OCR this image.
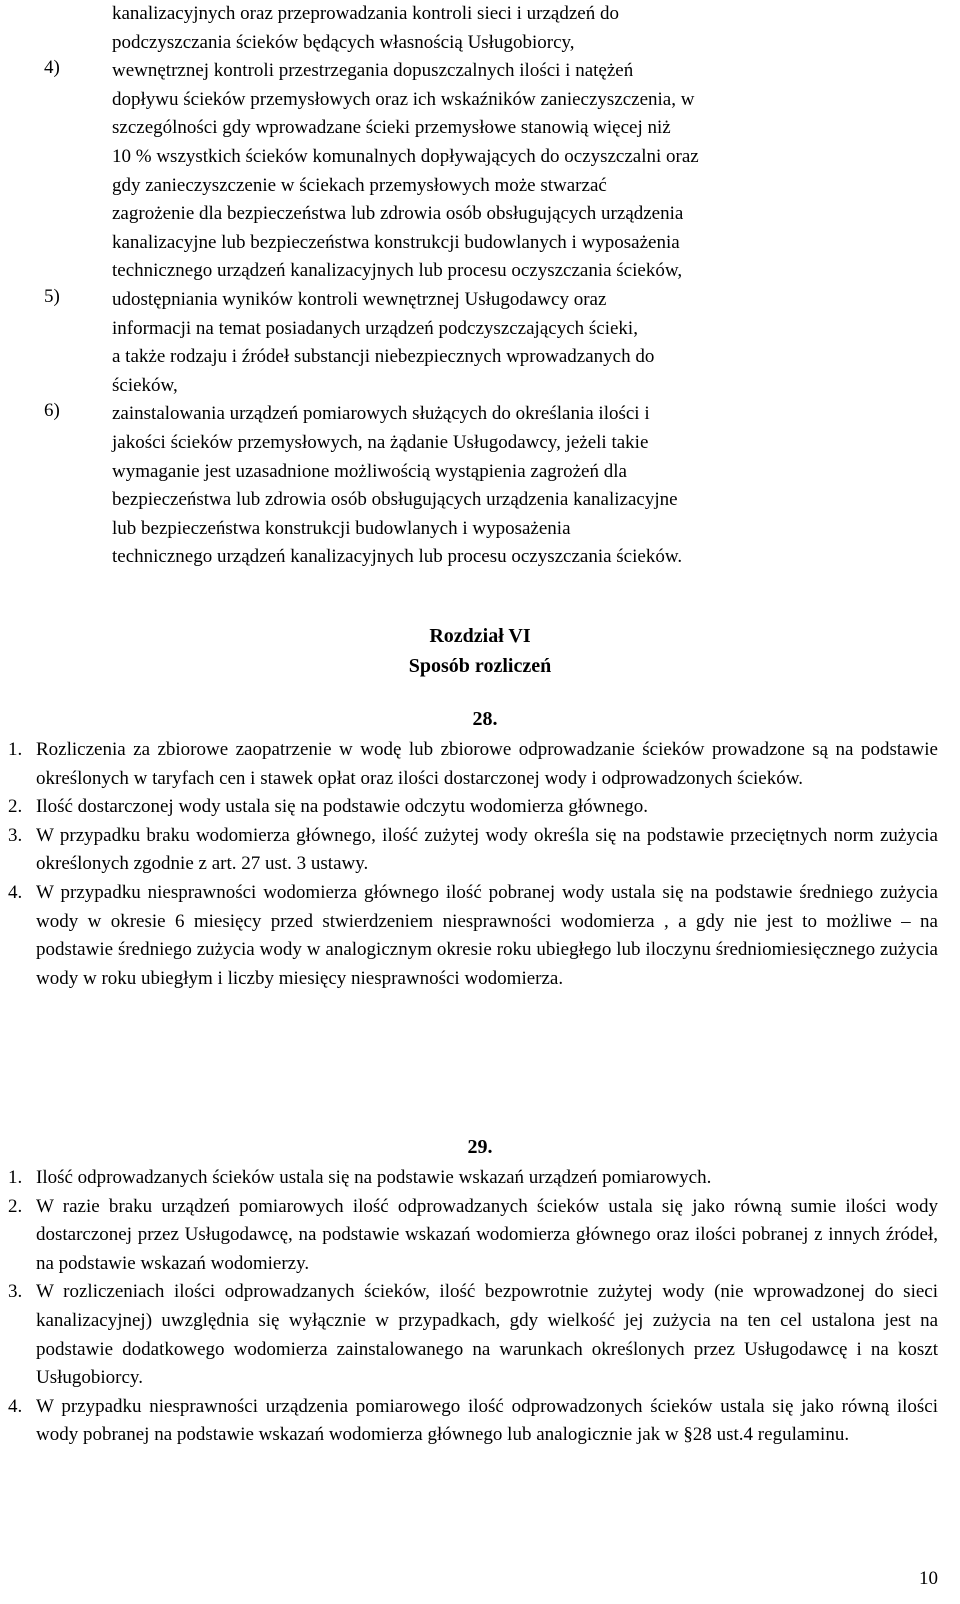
kanalizacyjnych oraz przeprowadzania kontroli sieci i urządzeń do
podczyszczania ścieków będących własnością Usługobiorcy,
4)	wewnętrznej kontroli przestrzegania dopuszczalnych ilości i natężeń
dopływu ścieków przemysłowych oraz ich wskaźników zanieczyszczenia, w
szczególności gdy wprowadzane ścieki przemysłowe stanowią więcej niż
10 % wszystkich ścieków komunalnych dopływających do oczyszczalni oraz
gdy zanieczyszczenie w ściekach przemysłowych może stwarzać
zagrożenie dla bezpieczeństwa lub zdrowia osób obsługujących urządzenia
kanalizacyjne lub bezpieczeństwa konstrukcji budowlanych i wyposażenia
technicznego urządzeń kanalizacyjnych lub procesu oczyszczania ścieków,
5)	udostępniania wyników kontroli wewnętrznej Usługodawcy oraz
informacji na temat posiadanych urządzeń podczyszczających ścieki,
a także rodzaju i źródeł substancji niebezpiecznych wprowadzanych do
ścieków,
6)	zainstalowania urządzeń pomiarowych służących do określania ilości i
jakości ścieków przemysłowych, na żądanie Usługodawcy, jeżeli takie
wymaganie jest uzasadnione możliwością wystąpienia zagrożeń dla
bezpieczeństwa lub zdrowia osób obsługujących urządzenia kanalizacyjne
lub bezpieczeństwa konstrukcji budowlanych i wyposażenia
technicznego urządzeń kanalizacyjnych lub procesu oczyszczania ścieków.
Rozdział VI
Sposób rozliczeń
28.
1. Rozliczenia za zbiorowe zaopatrzenie w wodę lub zbiorowe odprowadzanie ścieków prowadzone są na podstawie określonych w taryfach cen i stawek opłat oraz ilości dostarczonej wody i odprowadzonych ścieków.
2. Ilość dostarczonej wody ustala się na podstawie odczytu wodomierza głównego.
3. W przypadku braku wodomierza głównego, ilość zużytej wody określa się na podstawie przeciętnych norm zużycia określonych zgodnie z art. 27 ust. 3 ustawy.
4. W przypadku niesprawności wodomierza głównego ilość pobranej wody ustala się na podstawie średniego zużycia wody w okresie 6 miesięcy przed stwierdzeniem niesprawności wodomierza , a gdy nie jest to możliwe – na podstawie średniego zużycia wody w analogicznym okresie roku ubiegłego lub iloczynu średniomiesięcznego zużycia wody w roku ubiegłym i liczby miesięcy niesprawności wodomierza.
29.
1. Ilość odprowadzanych ścieków ustala się na podstawie wskazań urządzeń pomiarowych.
2. W razie braku urządzeń pomiarowych ilość odprowadzanych ścieków ustala się jako równą sumie ilości wody dostarczonej przez Usługodawcę, na podstawie wskazań wodomierza głównego oraz ilości pobranej z innych źródeł, na podstawie wskazań wodomierzy.
3. W rozliczeniach ilości odprowadzanych ścieków, ilość bezpowrotnie zużytej wody (nie wprowadzonej do sieci kanalizacyjnej) uwzględnia się wyłącznie w przypadkach, gdy wielkość jej zużycia na ten cel ustalona jest na podstawie dodatkowego wodomierza zainstalowanego na warunkach określonych przez Usługodawcę i na koszt Usługobiorcy.
4. W przypadku niesprawności urządzenia pomiarowego ilość odprowadzonych ścieków ustala się jako równą ilości wody pobranej na podstawie wskazań wodomierza głównego lub analogicznie jak w §28 ust.4 regulaminu.
10
